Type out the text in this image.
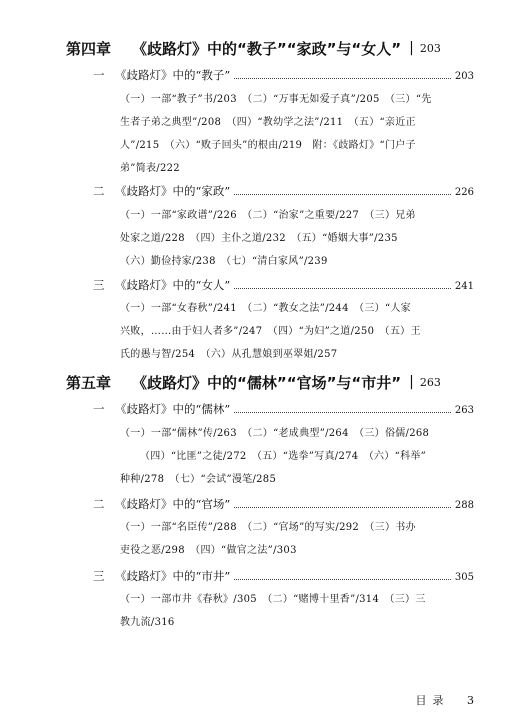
第四章	《歧路灯》中的“教子”“家政”与“女人” | 203
一 《歧路灯》中的“教子”	203
（一）一部“教子”书/203　（二）“万事无如爱子真”/205　（三）“先
生者子弟之典型”/208　（四）“教幼学之法”/211　（五）“亲近正
人”/215　（六）“败子回头”的根由/219　附：《歧路灯》“门户子
弟”简表/222
二 《歧路灯》中的“家政”	226
（一）一部“家政谱”/226　（二）“治家”之重要/227　（三）兄弟
处家之道/228　（四）主仆之道/232　（五）“婚姻大事”/235
（六）勤俭持家/238　（七）“清白家风”/239
三 《歧路灯》中的“女人”	241
（一）一部“女春秋”/241　（二）“教女之法”/244　（三）“人家
兴败，……由于妇人者多”/247　（四）“为妇”之道/250　（五）王
氏的愚与智/254　（六）从孔慧娘到巫翠姐/257
第五章	《歧路灯》中的“儒林”“官场”与“市井” | 263
一 《歧路灯》中的“儒林”	263
（一）一部“儒林”传/263　（二）“老成典型”/264　（三）俗儒/268
（四）“比匪”之徒/272　（五）“选拳”写真/274　（六）“科举”
种种/278　（七）“会试”漫笔/285
二 《歧路灯》中的“官场”	288
（一）一部“名臣传”/288　（二）“官场”的写实/292　（三）书办
吏役之恶/298　（四）“做官之法”/303
三 《歧路灯》中的“市井”	305
（一）一部市井《春秋》/305　（二）“赌博十里香”/314　（三）三
教九流/316
目录 3
